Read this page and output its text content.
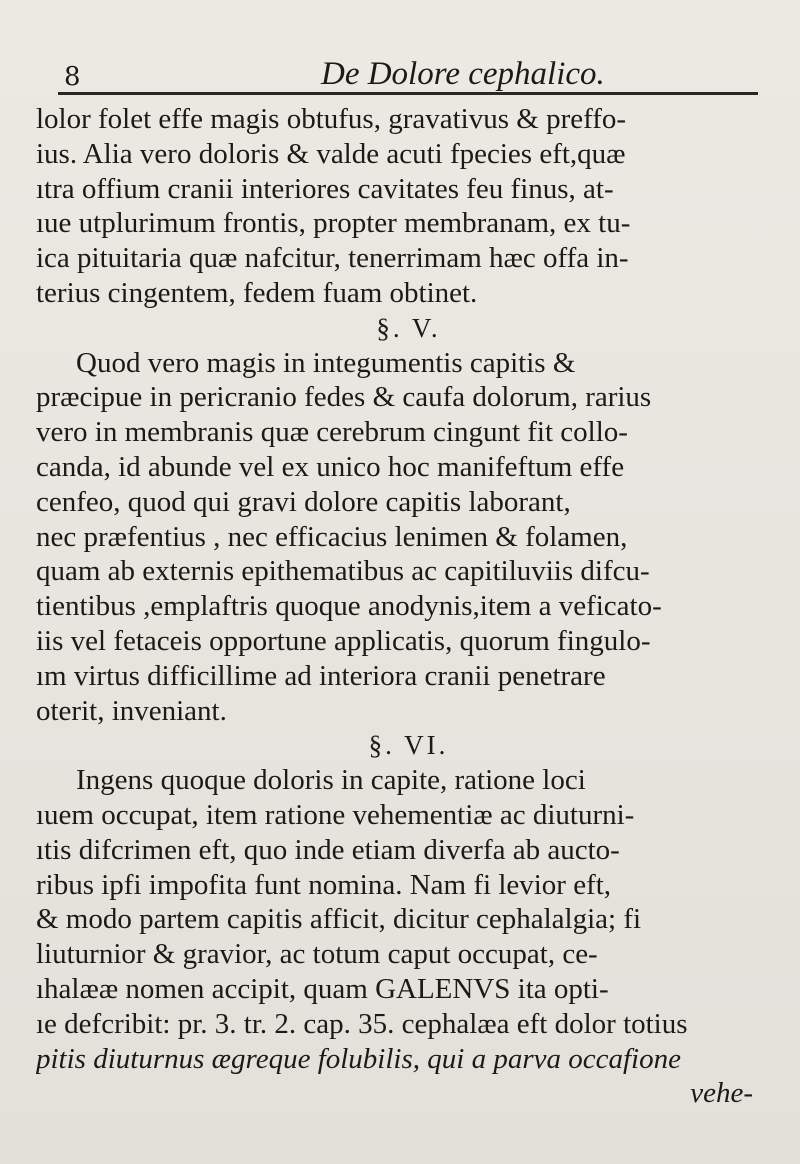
8	De Dolore cephalico.
lolor folet effe magis obtufus, gravativus & preffo-
ius. Alia vero doloris & valde acuti fpecies eft,quæ
ıtra offium cranii interiores cavitates feu finus, at-
ıue utplurimum frontis, propter membranam, ex tu-
ica pituitaria quæ nafcitur, tenerrimam hæc offa in-
terius cingentem, fedem fuam obtinet.
§. V.
Quod vero magis in integumentis capitis &
præcipue in pericranio fedes & caufa dolorum, rarius
vero in membranis quæ cerebrum cingunt fit collo-
canda, id abunde vel ex unico hoc manifeftum effe
cenfeo, quod qui gravi dolore capitis laborant,
nec præfentius , nec efficacius lenimen & folamen,
quam ab externis epithematibus ac capitiluviis difcu-
tientibus ,emplaftris quoque anodynis,item a veficato-
iis vel fetaceis opportune applicatis, quorum fingulo-
ım virtus difficillime ad interiora cranii penetrare
oterit, inveniant.
§. VI.
Ingens quoque doloris in capite, ratione loci
ıuem occupat, item ratione vehementiæ ac diuturni-
ıtis difcrimen eft, quo inde etiam diverfa ab aucto-
ribus ipfi impofita funt nomina. Nam fi levior eft,
& modo partem capitis afficit, dicitur cephalalgia; fi
liuturnior & gravior, ac totum caput occupat, ce-
ıhalææ nomen accipit, quam GALENVS ita opti-
ıe defcribit: pr. 3. tr. 2. cap. 35. cephalæa eft dolor totius
pitis diuturnus ægreque folubilis, qui a parva occafione
vehe-
